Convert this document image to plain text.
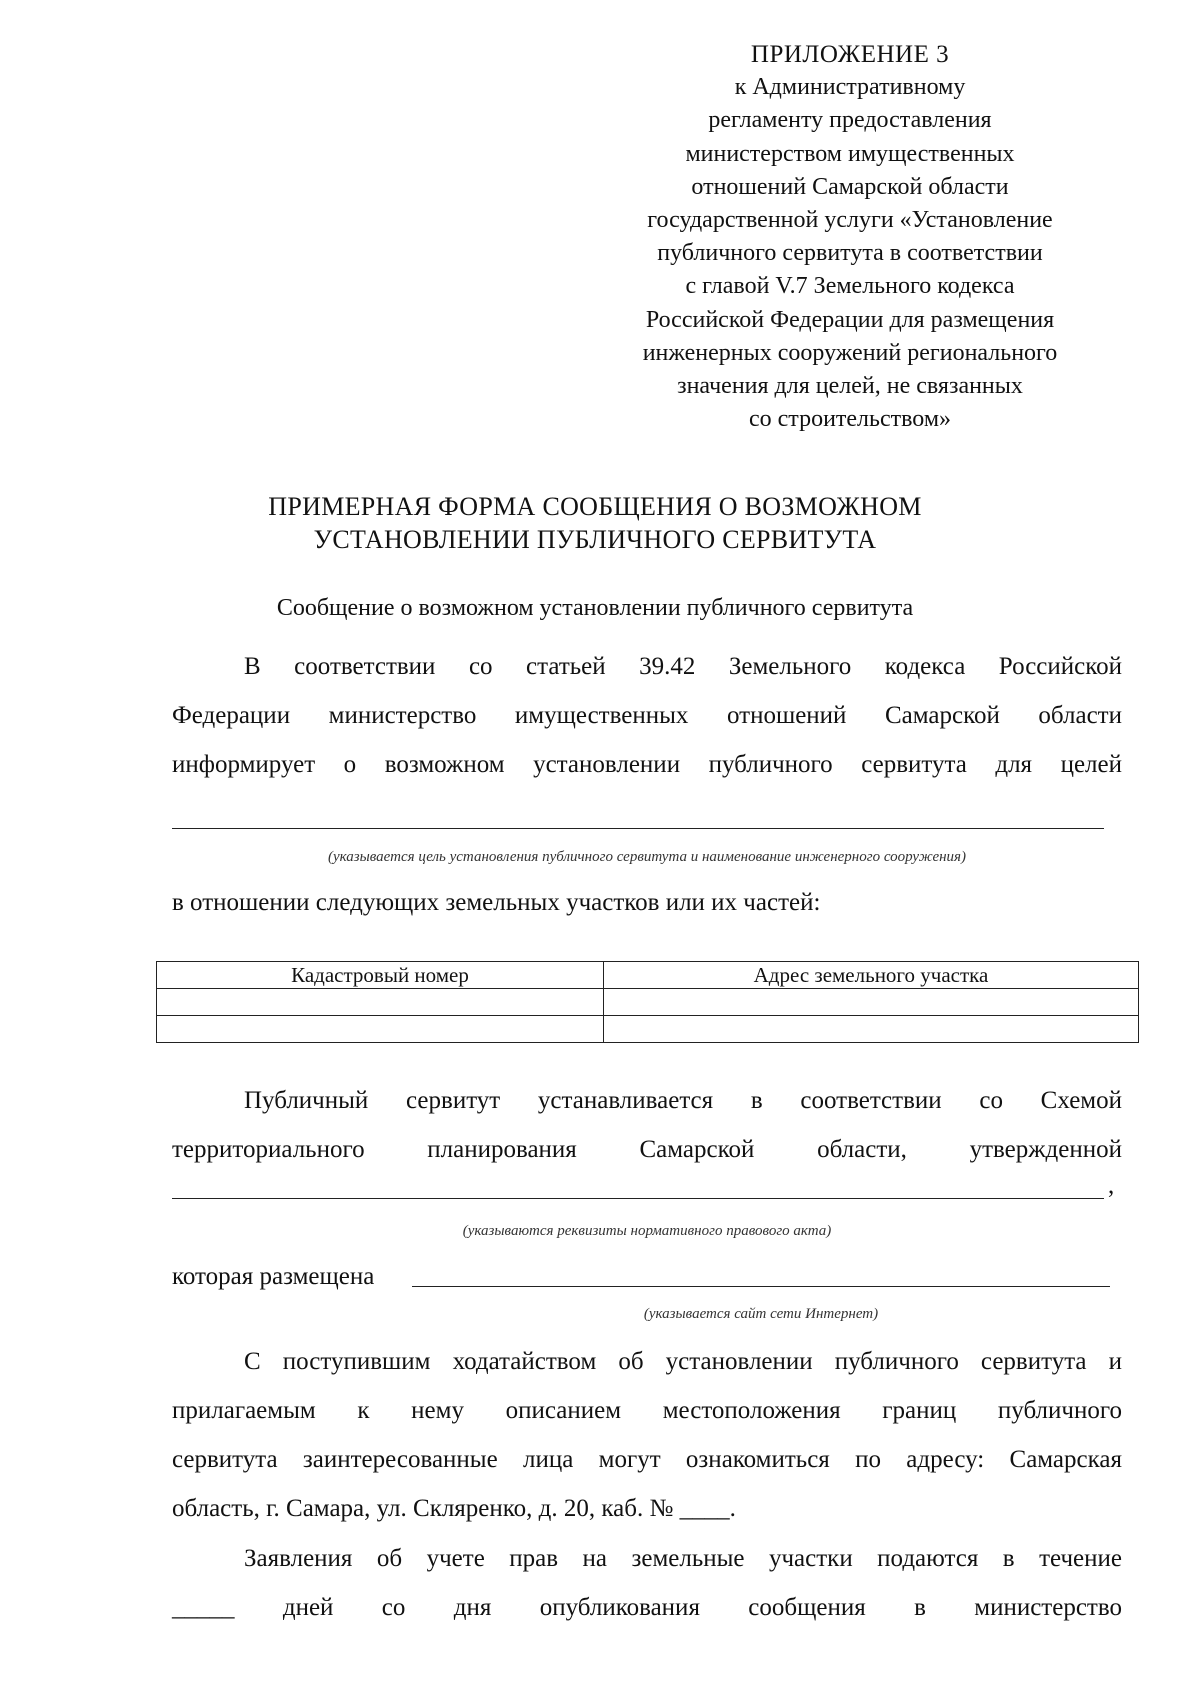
ПРИЛОЖЕНИЕ 3
к Административному
регламенту предоставления
министерством имущественных
отношений Самарской области
государственной услуги «Установление
публичного сервитута в соответствии
с главой V.7 Земельного кодекса
Российской Федерации для размещения
инженерных сооружений регионального
значения для целей, не связанных
со строительством»
ПРИМЕРНАЯ ФОРМА СООБЩЕНИЯ О ВОЗМОЖНОМ
УСТАНОВЛЕНИИ ПУБЛИЧНОГО СЕРВИТУТА
Сообщение о возможном установлении публичного сервитута
В соответствии со статьей 39.42 Земельного кодекса Российской
Федерации министерство имущественных отношений Самарской области
информирует о возможном установлении публичного сервитута для целей
(указывается цель установления публичного сервитута и наименование инженерного сооружения)
в отношении следующих земельных участков или их частей:
Кадастровый номер	Адрес земельного участка

Публичный сервитут устанавливается в соответствии со Схемой
территориального планирования Самарской области, утвержденной
,
(указываются реквизиты нормативного правового акта)
которая размещена
(указывается сайт сети Интернет)
С поступившим ходатайством об установлении публичного сервитута и
прилагаемым к нему описанием местоположения границ публичного
сервитута заинтересованные лица могут ознакомиться по адресу: Самарская
область, г. Самара, ул. Скляренко, д. 20, каб. № ____.
Заявления об учете прав на земельные участки подаются в течение
_____ дней со дня опубликования сообщения в министерство
